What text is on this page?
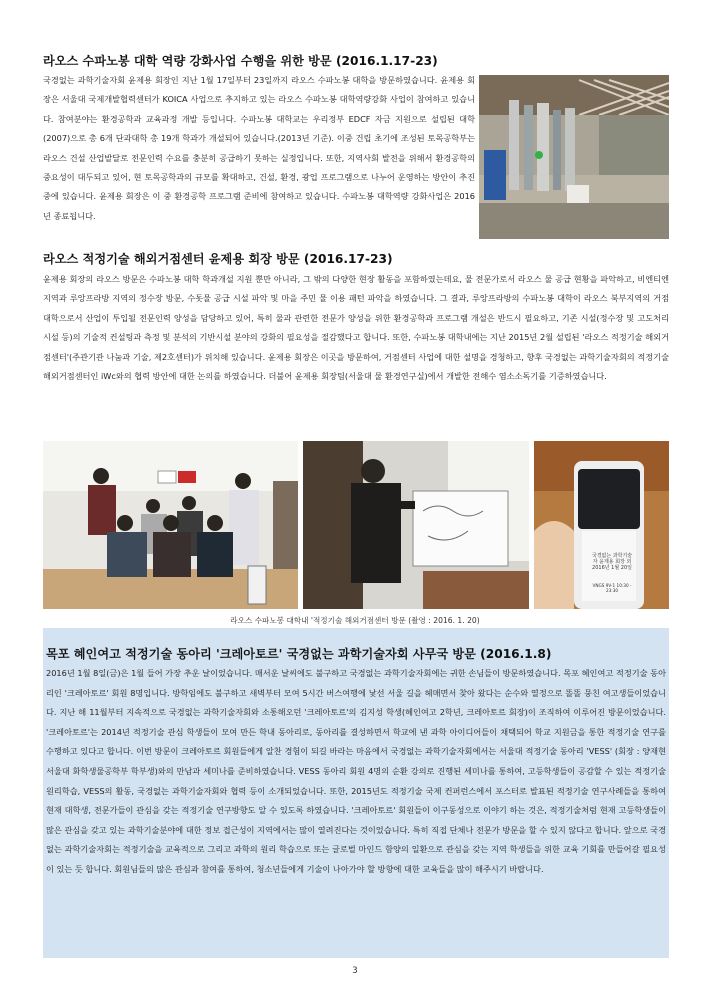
라오스 수파노봉 대학 역량 강화사업 수행을 위한 방문 (2016.1.17-23)
국경없는 과학기술자회 윤제용 회장인 지난 1월 17일부터 23일까지 라오스 수파노봉 대학을 방문하였습니다. 윤제용 회장은 서울대 국제개발협력센터가 KOICA 사업으로 추지하고 있는 라오스 수파노봉 대학역량강화 사업이 참여하고 있습니다. 참여분야는 환경공학과 교육과정 개발 등입니다. 수파노봉 대학교는 우리정부 EDCF 자금 지원으로 설립된 대학(2007)으로 총 6개 단과대학 총 19개 학과가 개설되어 있습니다.(2013년 기준). 이중 건립 초기에 조성된 토목공학부는 라오스 건설 산업발달로 전문인력 수요를 충분히 공급하기 못하는 실정입니다. 또한, 지역사회 발전을 위해서 환경공학의 중요성이 대두되고 있어, 현 토목공학과의 규모를 확대하고, 건설, 환경, 광업 프로그램으로 나누어 운영하는 방안이 추진 중에 있습니다. 윤제용 회장은 이 중 환경공학 프로그램 준비에 참여하고 있습니다. 수파노봉 대학역량 강화사업은 2016년 종료됩니다.
라오스 적정기술 해외거점센터 윤제용 회장 방문 (2016.17-23)
윤제용 회장의 라오스 방문은 수파노봉 대학 학과개설 지원 뿐만 아니라, 그 밖의 다양한 현장 활동을 포함하였는데요, 물 전문가로서 라오스 물 공급 현황을 파악하고, 비엔티엔 지역과 루앙프라방 지역의 정수장 방문, 수돗물 공급 시설 파악 및 마을 주민 물 이용 패턴 파악을 하였습니다. 그 결과, 루앙프라방의 수파노봉 대학이 라오스 북부지역의 거점 대학으로서 산업이 투입될 전문인력 양성을 담당하고 있어, 특히 물과 관련한 전문가 양성을 위한 환경공학과 프로그램 개설은 반드시 필요하고, 기존 시설(정수장 및 고도처리 시설 등)의 기술적 컨설팅과 측정 및 분석의 기반시설 분야의 강화의 필요성을 절감했다고 합니다. 또한, 수파노봉 대학내에는 지난 2015년 2월 설립된 '라오스 적정기술 해외거점센터'(주관기관 나눔과 기술, 제2호센터)가 위치해 있습니다. 윤제용 회장은 이곳을 방문하여, 거점센터 사업에 대한 설명을 경청하고, 향후 국경없는 과학기술자회의 적정기술 해외거점센터인 iWc와의 협력 방안에 대한 논의를 하였습니다. 더불어 윤제용 회장팀(서울대 물 환경연구실)에서 개발한 전해수 염소소독기를 기증하였습니다.
국경없는 과학기술자 윤제용 회장 외 2016년 1월 20일
VNGS 9V-1 10:30 - 23:30
라오스 수파노봉 대학내 '적정기술 해외거점센터 방문 (촬영 : 2016. 1. 20)
목포 혜인여고 적정기술 동아리 '크레아토르' 국경없는 과학기술자회 사무국 방문 (2016.1.8)
2016년 1월 8일(금)은 1월 들어 가장 추운 날이었습니다. 매서운 날씨에도 불구하고 국경없는 과학기술자회에는 귀한 손님들이 방문하였습니다. 목포 혜인여고 적정기술 동아리인 '크레아토르' 회원 8명입니다. 방학임에도 불구하고 새벽부터 모여 5시간 버스여행에 낯선 서울 길을 헤매면서 찾아 왔다는 순수와 열정으로 똘똘 뭉친 여고생들이었습니다. 지난 해 11월부터 지속적으로 국경없는 과학기술자회와 소통해오던 '크레아토르'의 김지성 학생(혜인여고 2학년, 크레아토르 회장)이 조직하여 이루어진 방문이었습니다. '크레아토르'는 2014년 적정기술 관심 학생들이 모여 만든 학내 동아리로, 동아리를 결성하면서 학교에 낸 과학 아이디어들이 채택되어 학교 지원금을 통한 적정기술 연구를 수행하고 있다고 합니다. 이번 방문이 크레아토르 회원들에게 알찬 경험이 되길 바라는 마음에서 국경없는 과학기술자회에서는 서울대 적정기술 동아리 'VESS' (회장 : 양재현 서울대 화학생물공학부 학부생)와의 만남과 세미나를 준비하였습니다. VESS 동아리 회원 4명의 순환 강의로 진행된 세미나를 통하여, 고등학생들이 공감할 수 있는 적정기술 원리학습, VESS의 활동, 국경없는 과학기술자회와 협력 등이 소개되었습니다. 또한, 2015년도 적정기술 국제 컨퍼런스에서 포스터로 발표된 적정기술 연구사례들을 통하여 현재 대학생, 전문가들이 관심을 갖는 적정기술 연구방향도 알 수 있도록 하였습니다. '크레아토르' 회원들이 이구동성으로 이야기 하는 것은, 적정기술처럼 현재 고등학생들이 많은 관심을 갖고 있는 과학기술분야에 대한 정보 접근성이 지역에서는 많이 열려진다는 것이었습니다. 특히 직접 단체나 전문가 방문을 할 수 있지 않다고 합니다. 앞으로 국경없는 과학기술자회는 적정기술을 교육적으로 그리고 과학의 원리 학습으로 또는 글로벌 마인드 함양의 일환으로 관심을 갖는 지역 학생들을 위한 교육 기회를 만들어갈 필요성이 있는 듯 합니다. 회원님들의 많은 관심과 참여를 통하여, 청소년들에게 기술이 나아가야 할 방향에 대한 교육들을 많이 해주시기 바랍니다.
3
